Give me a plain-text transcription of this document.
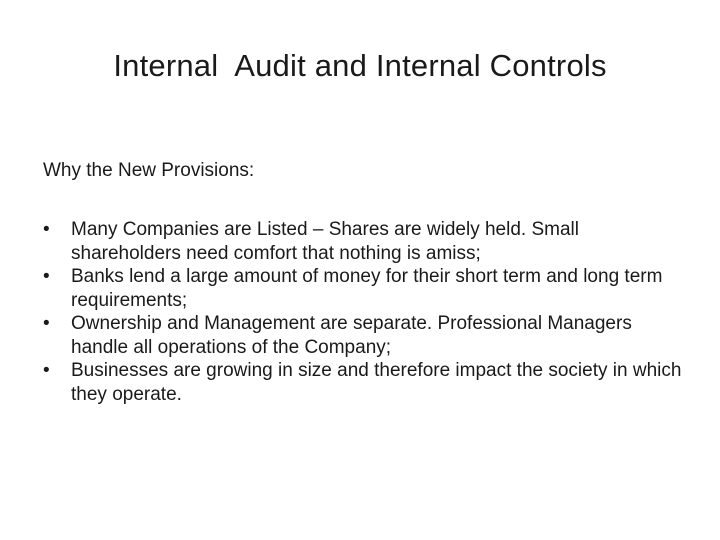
Internal  Audit and Internal Controls

Why the New Provisions:

• Many Companies are Listed – Shares are widely held. Small shareholders need comfort that nothing is amiss;
• Banks lend a large amount of money for their short term and long term requirements;
• Ownership and Management are separate. Professional Managers handle all operations of the Company;
• Businesses are growing in size and therefore impact the society in which they operate.
